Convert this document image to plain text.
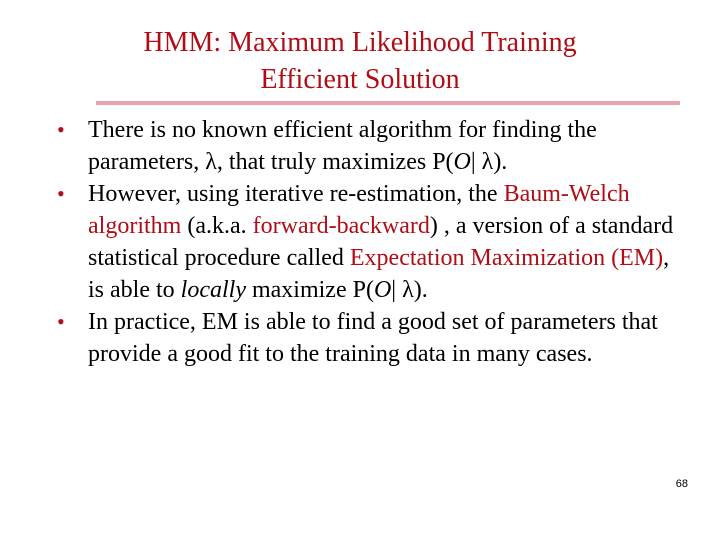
HMM: Maximum Likelihood Training
Efficient Solution
• There is no known efficient algorithm for finding the parameters, λ, that truly maximizes P(O| λ).
• However, using iterative re-estimation, the Baum-Welch algorithm (a.k.a. forward-backward) , a version of a standard statistical procedure called Expectation Maximization (EM), is able to locally maximize P(O| λ).
• In practice, EM is able to find a good set of parameters that provide a good fit to the training data in many cases.
68
